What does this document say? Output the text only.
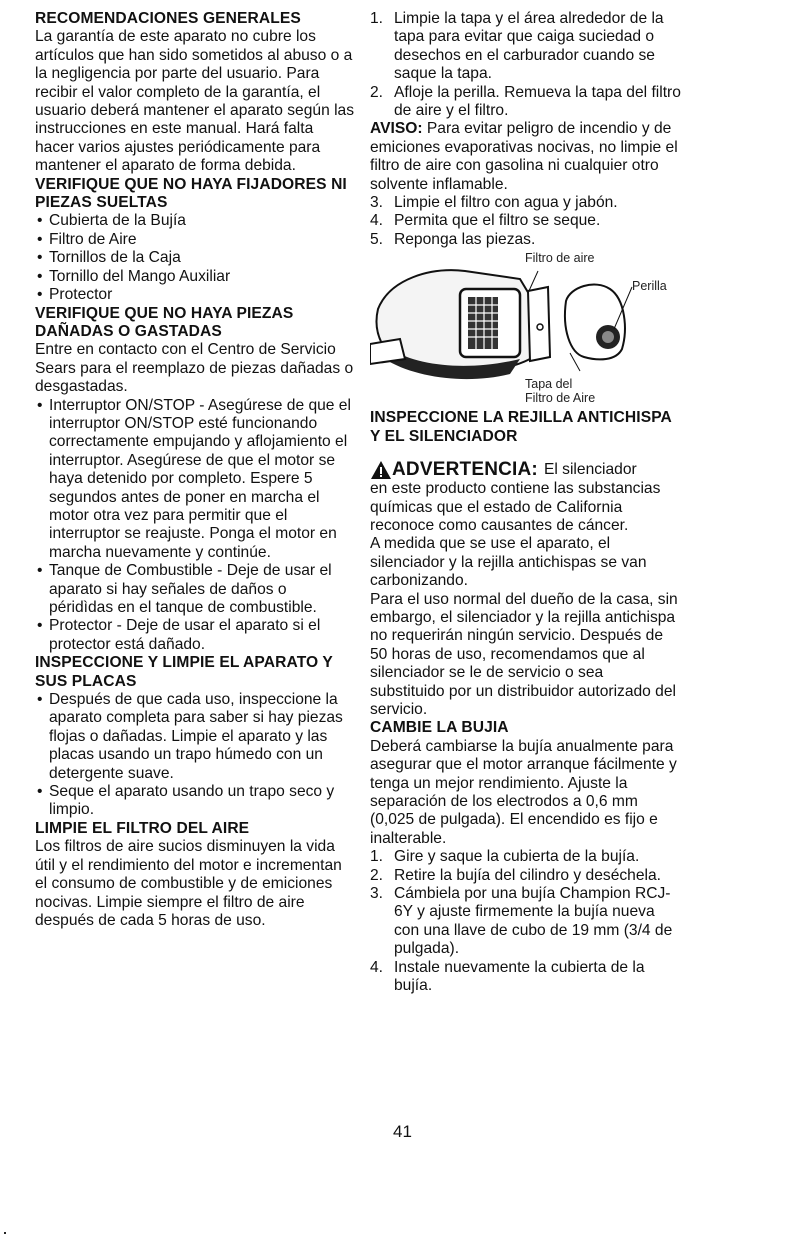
RECOMENDACIONES GENERALES

La garantía de este aparato no cubre los artículos que han sido sometidos al abuso o a la negligencia por parte del usuario. Para recibir el valor completo de la garantía, el usuario deberá mantener el aparato según las instrucciones en este manual. Hará falta hacer varios ajustes periódicamente para mantener el aparato de forma debida.

VERIFIQUE QUE NO HAYA FIJADORES NI PIEZAS SUELTAS
• Cubierta de la Bujía
• Filtro de Aire
• Tornillos de la Caja
• Tornillo del Mango Auxiliar
• Protector
VERIFIQUE QUE NO HAYA PIEZAS DAÑADAS O GASTADAS

Entre en contacto con el Centro de Servicio Sears para el reemplazo de piezas dañadas o desgastadas.

• Interruptor ON/STOP - Asegúrese de que el interruptor ON/STOP esté funcionando correctamente empujando y aflojamiento el interruptor. Asegúrese de que el motor se haya detenido por completo. Espere 5 segundos antes de poner en marcha el motor otra vez para permitir que el interruptor se reajuste. Ponga el motor en marcha nuevamente y continúe.
• Tanque de Combustible - Deje de usar el aparato si hay señales de daños o péridìdas en el tanque de combustible.
• Protector - Deje de usar el aparato si el protector está dañado.
INSPECCIONE Y LIMPIE EL APARATO Y SUS PLACAS
• Después de que cada uso, inspeccione la aparato completa para saber si hay piezas flojas o dañadas. Limpie el aparato y las placas usando un trapo húmedo con un detergente suave.
• Seque el aparato usando un trapo seco y limpio.
LIMPIE EL FILTRO DEL AIRE

Los filtros de aire sucios disminuyen la vida útil y el rendimiento del motor e incrementan el consumo de combustible y de emiciones nocivas. Limpie siempre el filtro de aire después de cada 5 horas de uso.

1. Limpie la tapa y el área alrededor de la tapa para evitar que caiga suciedad o desechos en el carburador cuando se saque la tapa.
2. Afloje la perilla. Remueva la tapa del filtro de aire y el filtro.

AVISO: Para evitar peligro de incendio y de emiciones evaporativas nocivas, no limpie el filtro de aire con gasolina ni cualquier otro solvente inflamable.

3. Limpie el filtro con agua y jabón.
4. Permita que el filtro se seque.
5. Reponga las piezas.
Filtro de aire
Perilla
Tapa del
Filtro de Aire
INSPECCIONE LA REJILLA ANTICHISPA Y EL SILENCIADOR
ADVERTENCIA: El silenciador

en este producto contiene las substancias químicas que el estado de California reconoce como causantes de cáncer.

A medida que se use el aparato, el silenciador y la rejilla antichispas se van carbonizando.

Para el uso normal del dueño de la casa, sin embargo, el silenciador y la rejilla antichispa no requerirán ningún servicio. Después de 50 horas de uso, recomendamos que al silenciador se le de servicio o sea substituido por un distribuidor autorizado del servicio.

CAMBIE LA BUJIA

Deberá cambiarse la bujía anualmente para asegurar que el motor arranque fácilmente y tenga un mejor rendimiento. Ajuste la separación de los electrodos a 0,6 mm (0,025 de pulgada). El encendido es fijo e inalterable.

1. Gire y saque la cubierta de la bujía.
2. Retire la bujía del cilindro y deséchela.
3. Cámbiela por una bujía Champion RCJ-6Y y ajuste firmemente la bujía nueva con una llave de cubo de 19 mm (3/4 de pulgada).
4. Instale nuevamente la cubierta de la bujía.
41
